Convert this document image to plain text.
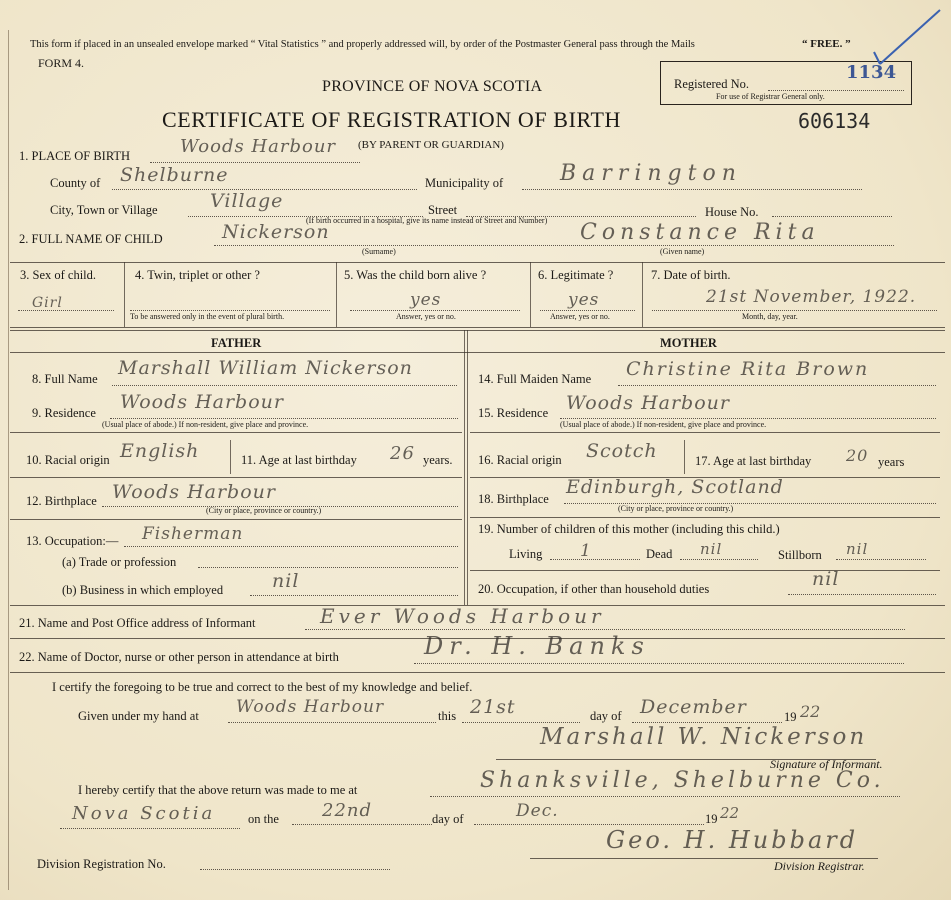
This form if placed in an unsealed envelope marked “ Vital Statistics ” and properly addressed will, by order of the Postmaster General pass through the Mails	“ FREE. ”
FORM 4.
Registered No.
1134
For use of Registrar General only.
PROVINCE OF NOVA SCOTIA
CERTIFICATE OF REGISTRATION OF BIRTH
(BY PARENT OR GUARDIAN)
606134
1. PLACE OF BIRTH	Woods Harbour
County of Shelburne	Municipality of	Barrington
City, Town or Village	Village	Street	House No.
(If birth occurred in a hospital, give its name instead of Street and Number)
2. FULL NAME OF CHILD	Nickerson	Constance Rita
(Surname)	(Given name)
3. Sex of child.
Girl
4. Twin, triplet or other ?
To be answered only in the event of plural birth.
5. Was the child born alive ?
yes
Answer, yes or no.
6. Legitimate ?
yes
Answer, yes or no.
7. Date of birth.
21st November, 1922.
Month, day, year.
FATHER	MOTHER
8. Full Name Marshall William Nickerson
9. Residence Woods Harbour
(Usual place of abode.) If non-resident, give place and province.
10. Racial origin English	11. Age at last birthday 26 years.
12. Birthplace Woods Harbour
(City or place, province or country.)
13. Occupation:— Fisherman
(a) Trade or profession
(b) Business in which employed	nil
14. Full Maiden Name Christine Rita Brown
15. Residence Woods Harbour
(Usual place of abode.) If non-resident, give place and province.
16. Racial origin Scotch	17. Age at last birthday 20 years
18. Birthplace
Edinburgh, Scotland
(City or place, province or country.)
19. Number of children of this mother (including this child.)
Living 1	Dead nil	Stillborn nil
20. Occupation, if other than household duties	nil
21. Name and Post Office address of Informant	Ever Woods Harbour
22. Name of Doctor, nurse or other person in attendance at birth	Dr. H. Banks
I certify the foregoing to be true and correct to the best of my knowledge and belief.
Given under my hand at Woods Harbour	this 21st	day of December	19 22
Marshall W. Nickerson
Signature of Informant.
I hereby certify that the above return was made to me at	Shanksville, Shelburne Co.
Nova Scotia	on the 22nd	day of	Dec.	19 22
Geo. H. Hubbard
Division Registration No.	Division Registrar.
